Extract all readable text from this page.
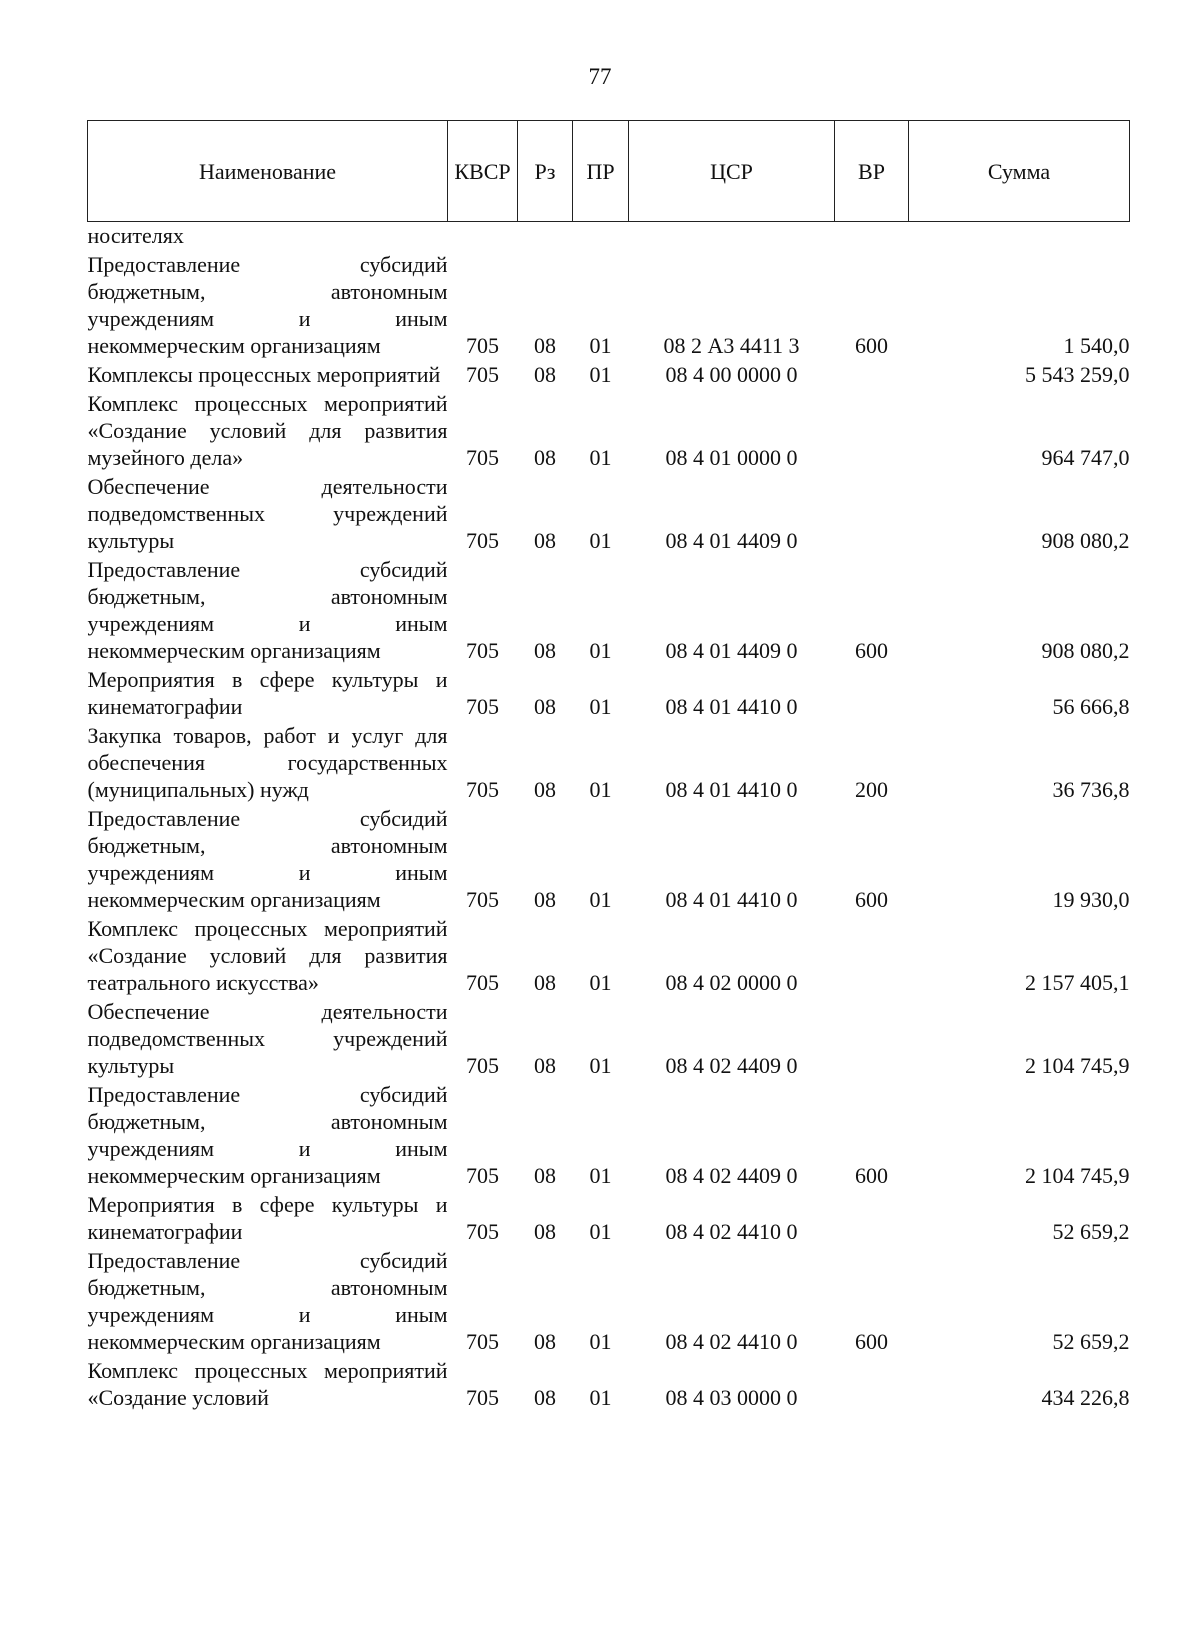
77
Наименование	КВСР	Рз	ПР	ЦСР	ВР	Сумма
носителях						
Предоставление субсидий бюджетным, автономным учреждениям и иным некоммерческим организациям	705	08	01	08 2 А3 4411 3	600	1 540,0
Комплексы процессных мероприятий	705	08	01	08 4 00 0000 0		5 543 259,0
Комплекс процессных мероприятий «Создание условий для развития музейного дела»	705	08	01	08 4 01 0000 0		964 747,0
Обеспечение деятельности подведомственных учреждений культуры	705	08	01	08 4 01 4409 0		908 080,2
Предоставление субсидий бюджетным, автономным учреждениям и иным некоммерческим организациям	705	08	01	08 4 01 4409 0	600	908 080,2
Мероприятия в сфере культуры и кинематографии	705	08	01	08 4 01 4410 0		56 666,8
Закупка товаров, работ и услуг для обеспечения государственных (муниципальных) нужд	705	08	01	08 4 01 4410 0	200	36 736,8
Предоставление субсидий бюджетным, автономным учреждениям и иным некоммерческим организациям	705	08	01	08 4 01 4410 0	600	19 930,0
Комплекс процессных мероприятий «Создание условий для развития театрального искусства»	705	08	01	08 4 02 0000 0		2 157 405,1
Обеспечение деятельности подведомственных учреждений культуры	705	08	01	08 4 02 4409 0		2 104 745,9
Предоставление субсидий бюджетным, автономным учреждениям и иным некоммерческим организациям	705	08	01	08 4 02 4409 0	600	2 104 745,9
Мероприятия в сфере культуры и кинематографии	705	08	01	08 4 02 4410 0		52 659,2
Предоставление субсидий бюджетным, автономным учреждениям и иным некоммерческим организациям	705	08	01	08 4 02 4410 0	600	52 659,2
Комплекс процессных мероприятий «Создание условий	705	08	01	08 4 03 0000 0		434 226,8
